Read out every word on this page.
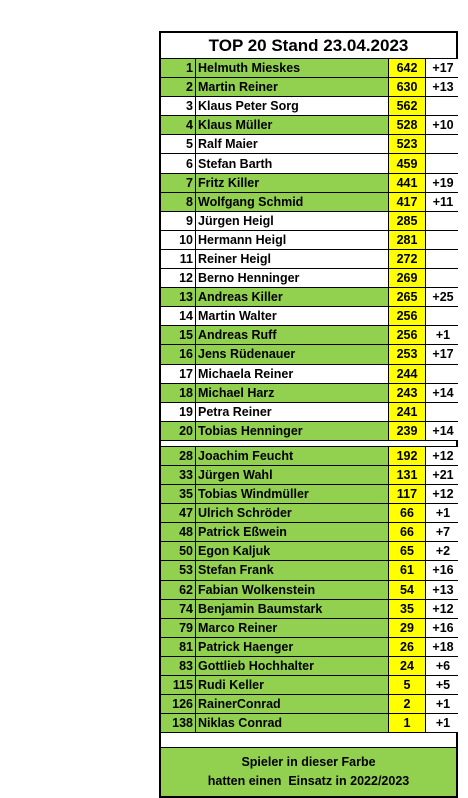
TOP 20 Stand 23.04.2023
1 Helmuth Mieskes	642	+17
2 Martin Reiner	630	+13
3 Klaus Peter Sorg	562
4 Klaus Müller	528	+10
5 Ralf Maier	523
6 Stefan Barth	459
7 Fritz Killer	441	+19
8 Wolfgang Schmid	417	+11
9 Jürgen Heigl	285
10 Hermann Heigl	281
11 Reiner Heigl	272
12 Berno Henninger	269
13 Andreas Killer	265	+25
14 Martin Walter	256
15 Andreas Ruff	256	+1
16 Jens Rüdenauer	253	+17
17 Michaela Reiner	244
18 Michael Harz	243	+14
19 Petra Reiner	241
20 Tobias Henninger	239	+14
28 Joachim Feucht	192	+12
33 Jürgen Wahl	131	+21
35 Tobias Windmüller	117	+12
47 Ulrich Schröder	66	+1
48 Patrick Eßwein	66	+7
50 Egon Kaljuk	65	+2
53 Stefan Frank	61	+16
62 Fabian Wolkenstein	54	+13
74 Benjamin Baumstark	35	+12
79 Marco Reiner	29	+16
81 Patrick Haenger	26	+18
83 Gottlieb Hochhalter	24	+6
115 Rudi Keller	5	+5
126 RainerConrad	2	+1
138 Niklas Conrad	1	+1
Spieler in dieser Farbe
hatten einen  Einsatz in 2022/2023
